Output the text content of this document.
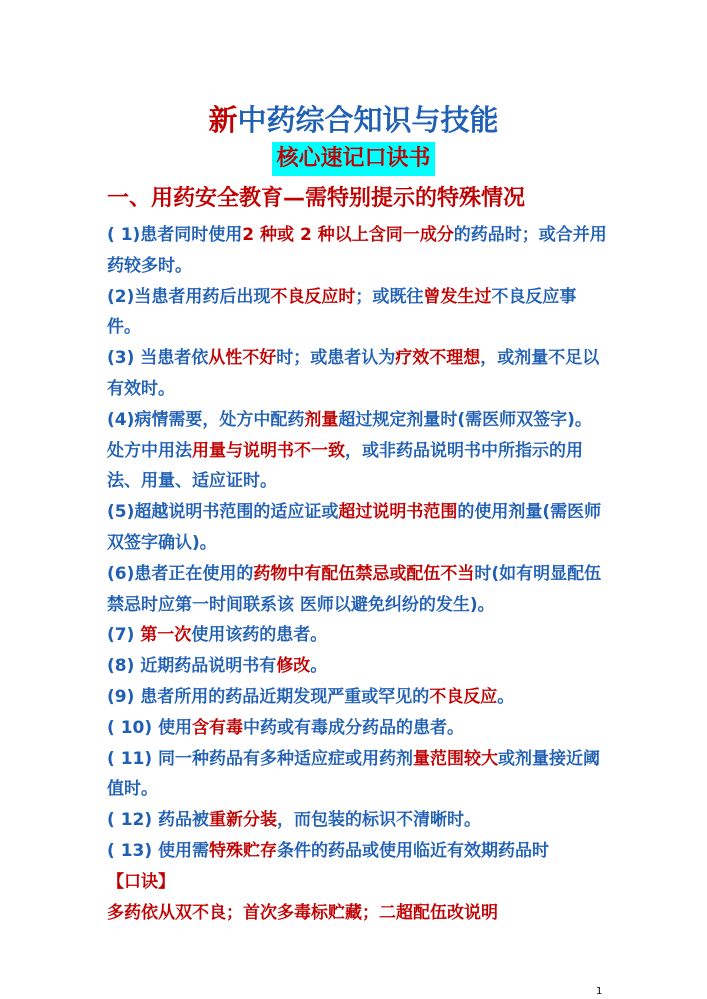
新中药综合知识与技能
核心速记口诀书
一、用药安全教育—需特别提示的特殊情况

( 1)患者同时使用2 种或 2 种以上含同一成分的药品时；或合并用药较多时。

(2)当患者用药后出现不良反应时；或既往曾发生过不良反应事件。

(3) 当患者依从性不好时；或患者认为疗效不理想，或剂量不足以有效时。

(4)病情需要，处方中配药剂量超过规定剂量时(需医师双签字)。处方中用法用量与说明书不一致，或非药品说明书中所指示的用法、用量、适应证时。

(5)超越说明书范围的适应证或超过说明书范围的使用剂量(需医师双签字确认)。

(6)患者正在使用的药物中有配伍禁忌或配伍不当时(如有明显配伍禁忌时应第一时间联系该 医师以避免纠纷的发生)。

(7) 第一次使用该药的患者。

(8) 近期药品说明书有修改。

(9) 患者所用的药品近期发现严重或罕见的不良反应。

( 10) 使用含有毒中药或有毒成分药品的患者。

( 11) 同一种药品有多种适应症或用药剂量范围较大或剂量接近阈值时。

( 12) 药品被重新分装，而包装的标识不清晰时。

( 13) 使用需特殊贮存条件的药品或使用临近有效期药品时

【口诀】

多药依从双不良；首次多毒标贮藏；二超配伍改说明

1
